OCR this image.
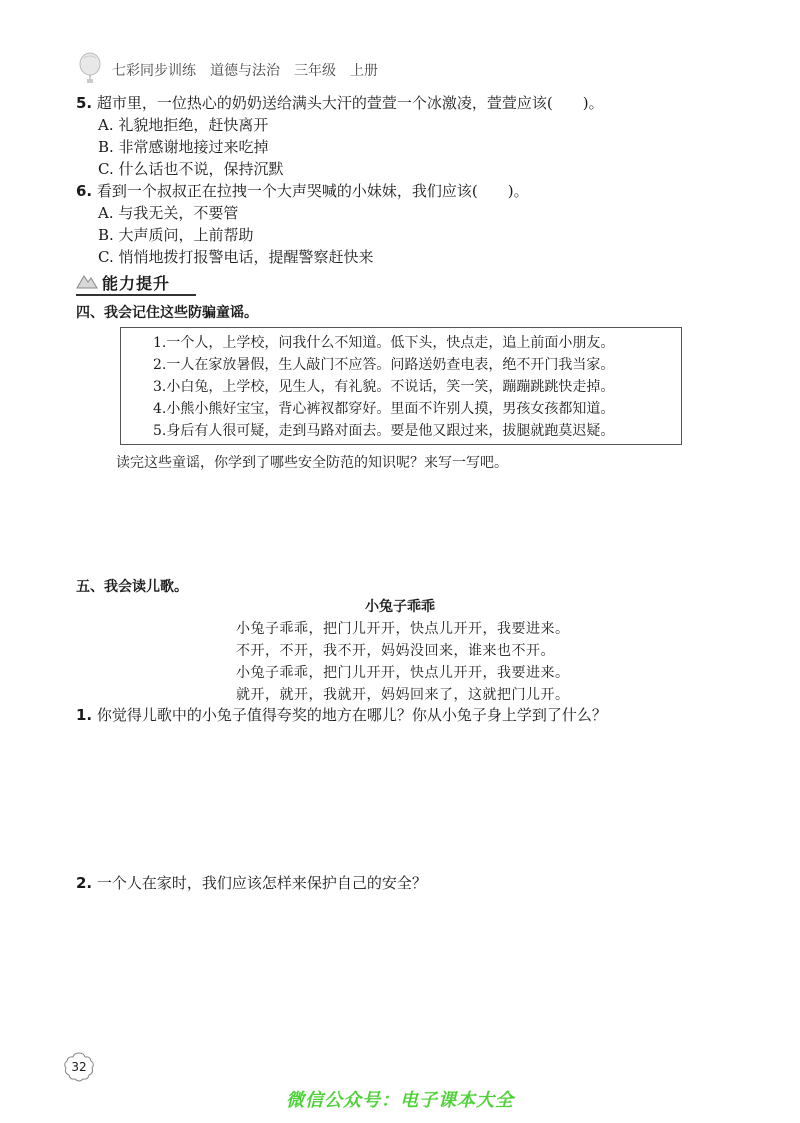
七彩同步训练　道德与法治　三年级　上册
5. 超市里，一位热心的奶奶送给满头大汗的萱萱一个冰激凌，萱萱应该(　　)。
A. 礼貌地拒绝，赶快离开
B. 非常感谢地接过来吃掉
C. 什么话也不说，保持沉默
6. 看到一个叔叔正在拉拽一个大声哭喊的小妹妹，我们应该(　　)。
A. 与我无关，不要管
B. 大声质问，上前帮助
C. 悄悄地拨打报警电话，提醒警察赶快来
能力提升
四、我会记住这些防骗童谣。
1.一个人，上学校，问我什么不知道。低下头，快点走，追上前面小朋友。
2.一人在家放暑假，生人敲门不应答。问路送奶查电表，绝不开门我当家。
3.小白兔，上学校，见生人，有礼貌。不说话，笑一笑，蹦蹦跳跳快走掉。
4.小熊小熊好宝宝，背心裤衩都穿好。里面不许别人摸，男孩女孩都知道。
5.身后有人很可疑，走到马路对面去。要是他又跟过来，拔腿就跑莫迟疑。
读完这些童谣，你学到了哪些安全防范的知识呢？来写一写吧。
五、我会读儿歌。
小兔子乖乖
小兔子乖乖，把门儿开开，快点儿开开，我要进来。
不开，不开，我不开，妈妈没回来，谁来也不开。
小兔子乖乖，把门儿开开，快点儿开开，我要进来。
就开，就开，我就开，妈妈回来了，这就把门儿开。
1. 你觉得儿歌中的小兔子值得夸奖的地方在哪儿？你从小兔子身上学到了什么？
2. 一个人在家时，我们应该怎样来保护自己的安全？
32
微信公众号：电子课本大全
